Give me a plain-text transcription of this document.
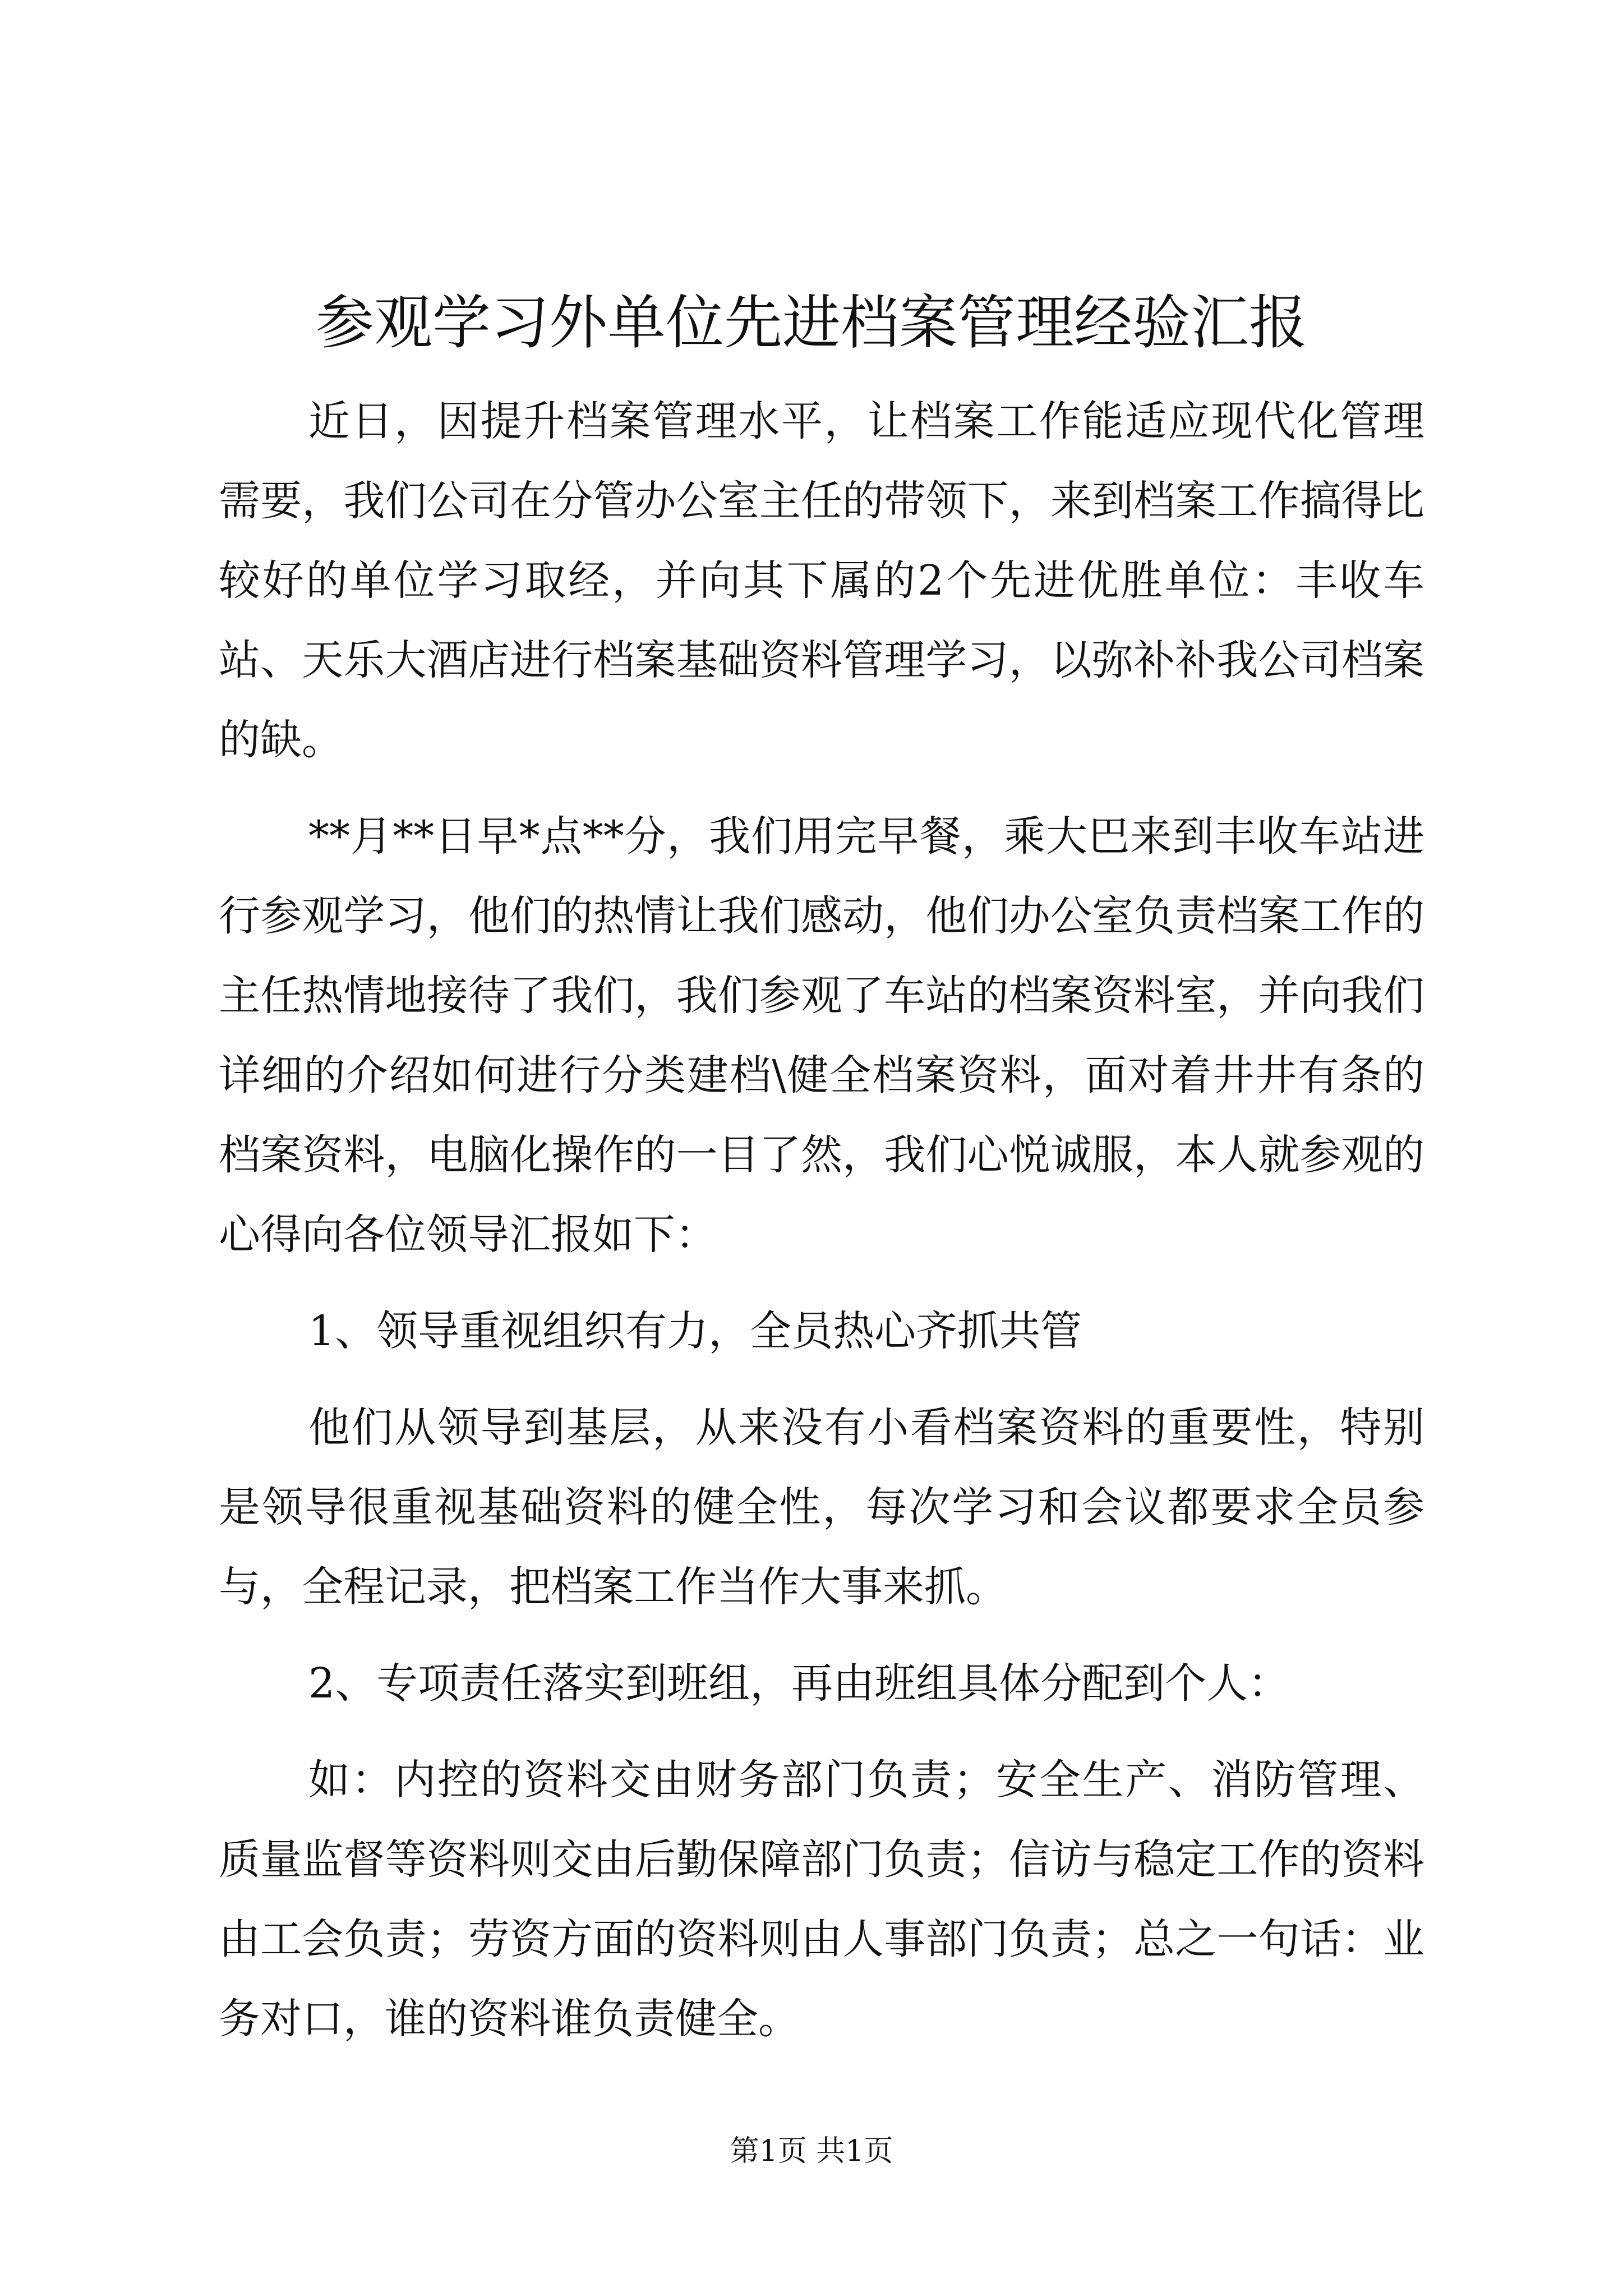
参观学习外单位先进档案管理经验汇报

近日，因提升档案管理水平，让档案工作能适应现代化管理需要，我们公司在分管办公室主任的带领下，来到档案工作搞得比较好的单位学习取经，并向其下属的2个先进优胜单位：丰收车站、天乐大酒店进行档案基础资料管理学习，以弥补补我公司档案的缺。

**月**日早*点**分，我们用完早餐，乘大巴来到丰收车站进行参观学习，他们的热情让我们感动，他们办公室负责档案工作的主任热情地接待了我们，我们参观了车站的档案资料室，并向我们详细的介绍如何进行分类建档\健全档案资料，面对着井井有条的档案资料，电脑化操作的一目了然，我们心悦诚服，本人就参观的心得向各位领导汇报如下：

1、领导重视组织有力，全员热心齐抓共管

他们从领导到基层，从来没有小看档案资料的重要性，特别是领导很重视基础资料的健全性，每次学习和会议都要求全员参与，全程记录，把档案工作当作大事来抓。

2、专项责任落实到班组，再由班组具体分配到个人：

如：内控的资料交由财务部门负责；安全生产、消防管理、质量监督等资料则交由后勤保障部门负责；信访与稳定工作的资料由工会负责；劳资方面的资料则由人事部门负责；总之一句话：业务对口，谁的资料谁负责健全。

第1页 共1页
